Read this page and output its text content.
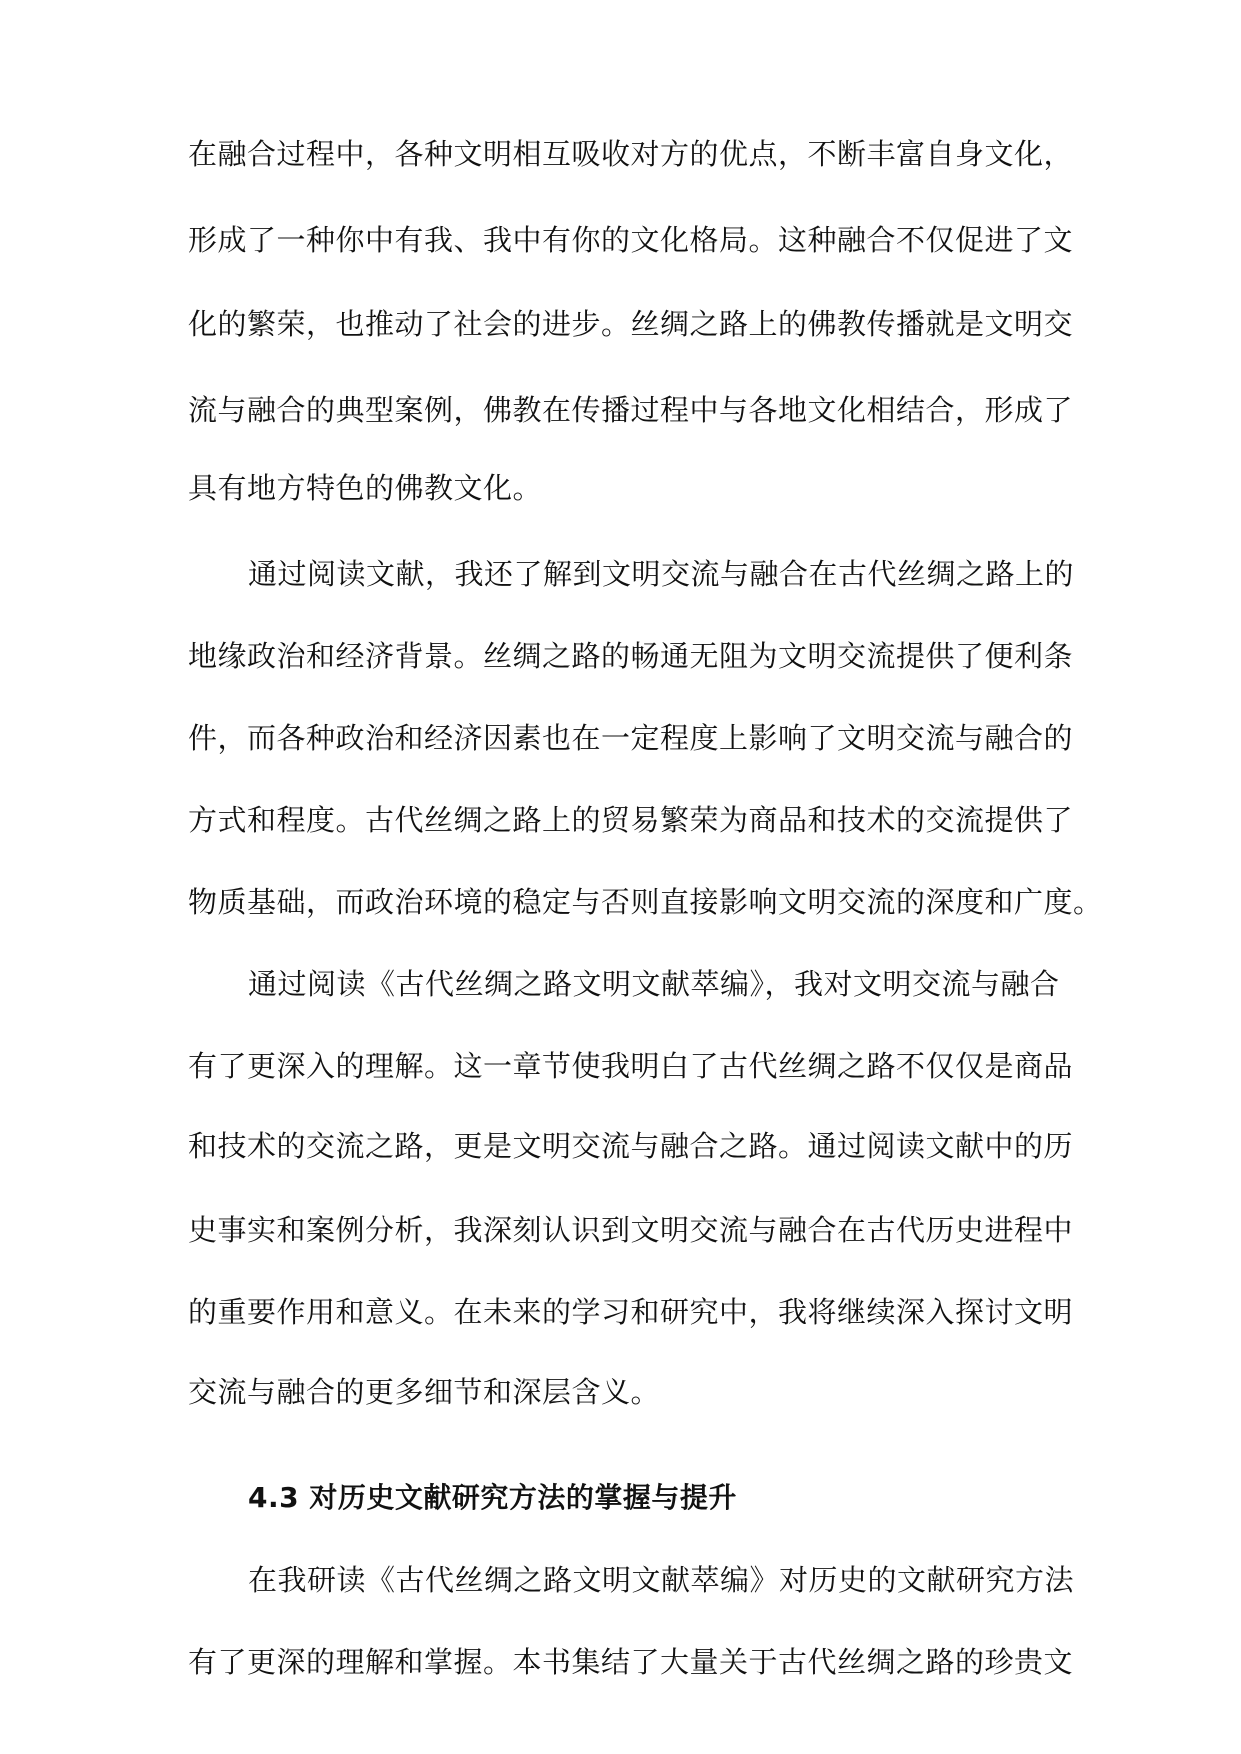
在融合过程中，各种文明相互吸收对方的优点，不断丰富自身文化，
形成了一种你中有我、我中有你的文化格局。这种融合不仅促进了文
化的繁荣，也推动了社会的进步。丝绸之路上的佛教传播就是文明交
流与融合的典型案例，佛教在传播过程中与各地文化相结合，形成了
具有地方特色的佛教文化。
通过阅读文献，我还了解到文明交流与融合在古代丝绸之路上的
地缘政治和经济背景。丝绸之路的畅通无阻为文明交流提供了便利条
件，而各种政治和经济因素也在一定程度上影响了文明交流与融合的
方式和程度。古代丝绸之路上的贸易繁荣为商品和技术的交流提供了
物质基础，而政治环境的稳定与否则直接影响文明交流的深度和广度。
通过阅读《古代丝绸之路文明文献萃编》，我对文明交流与融合
有了更深入的理解。这一章节使我明白了古代丝绸之路不仅仅是商品
和技术的交流之路，更是文明交流与融合之路。通过阅读文献中的历
史事实和案例分析，我深刻认识到文明交流与融合在古代历史进程中
的重要作用和意义。在未来的学习和研究中，我将继续深入探讨文明
交流与融合的更多细节和深层含义。
4.3 对历史文献研究方法的掌握与提升
在我研读《古代丝绸之路文明文献萃编》对历史的文献研究方法
有了更深的理解和掌握。本书集结了大量关于古代丝绸之路的珍贵文
